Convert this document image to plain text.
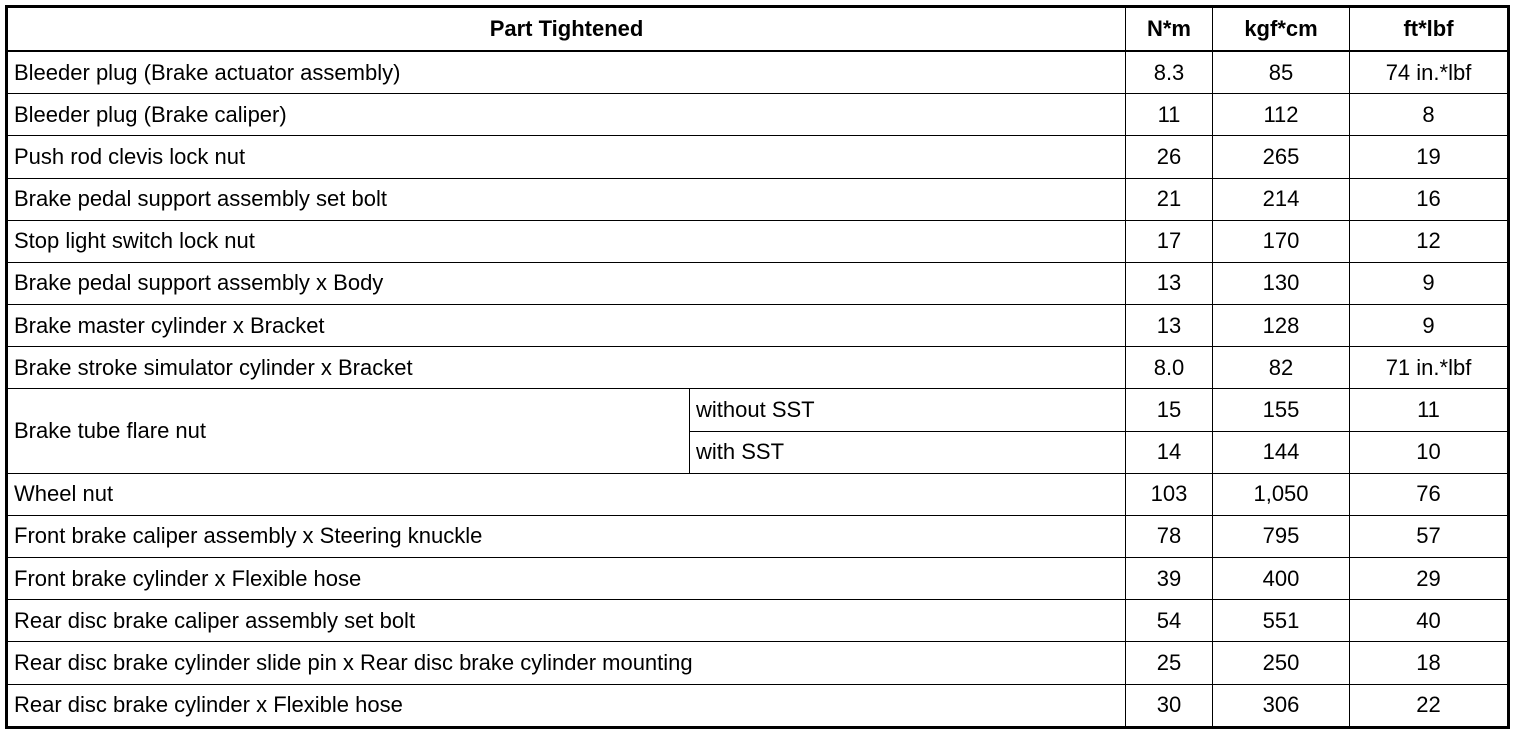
Part Tightened		N*m	kgf*cm	ft*lbf
Bleeder plug (Brake actuator assembly)		8.3	85	74 in.*lbf
Bleeder plug (Brake caliper)		11	112	8
Push rod clevis lock nut		26	265	19
Brake pedal support assembly set bolt		21	214	16
Stop light switch lock nut		17	170	12
Brake pedal support assembly x Body		13	130	9
Brake master cylinder x Bracket		13	128	9
Brake stroke simulator cylinder x Bracket		8.0	82	71 in.*lbf
Brake tube flare nut	without SST	15	155	11
	with SST	14	144	10
Wheel nut		103	1,050	76
Front brake caliper assembly x Steering knuckle		78	795	57
Front brake cylinder x Flexible hose		39	400	29
Rear disc brake caliper assembly set bolt		54	551	40
Rear disc brake cylinder slide pin x Rear disc brake cylinder mounting		25	250	18
Rear disc brake cylinder x Flexible hose		30	306	22
